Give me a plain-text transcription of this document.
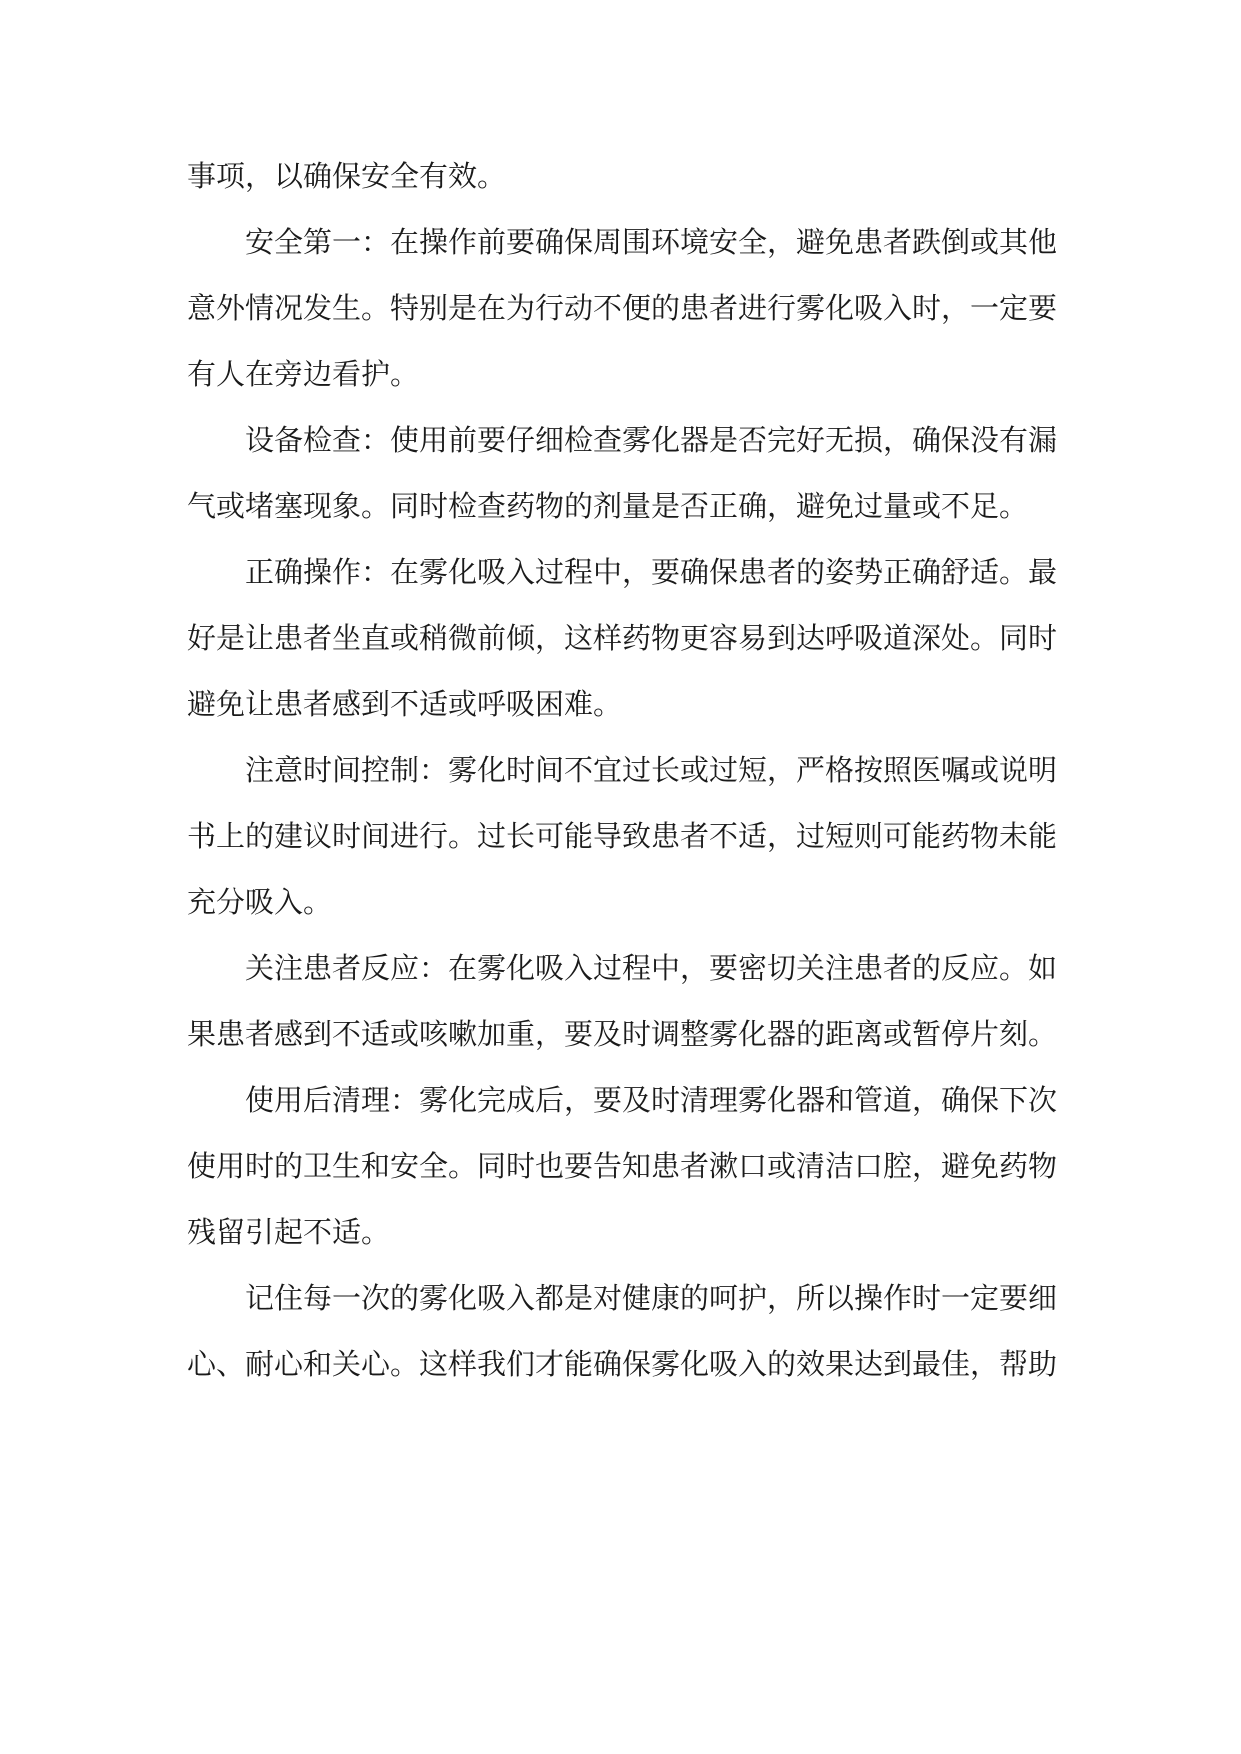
事项，以确保安全有效。
安全第一：在操作前要确保周围环境安全，避免患者跌倒或其他
意外情况发生。特别是在为行动不便的患者进行雾化吸入时，一定要
有人在旁边看护。
设备检查：使用前要仔细检查雾化器是否完好无损，确保没有漏
气或堵塞现象。同时检查药物的剂量是否正确，避免过量或不足。
正确操作：在雾化吸入过程中，要确保患者的姿势正确舒适。最
好是让患者坐直或稍微前倾，这样药物更容易到达呼吸道深处。同时
避免让患者感到不适或呼吸困难。
注意时间控制：雾化时间不宜过长或过短，严格按照医嘱或说明
书上的建议时间进行。过长可能导致患者不适，过短则可能药物未能
充分吸入。
关注患者反应：在雾化吸入过程中，要密切关注患者的反应。如
果患者感到不适或咳嗽加重，要及时调整雾化器的距离或暂停片刻。
使用后清理：雾化完成后，要及时清理雾化器和管道，确保下次
使用时的卫生和安全。同时也要告知患者漱口或清洁口腔，避免药物
残留引起不适。
记住每一次的雾化吸入都是对健康的呵护，所以操作时一定要细
心、耐心和关心。这样我们才能确保雾化吸入的效果达到最佳，帮助
